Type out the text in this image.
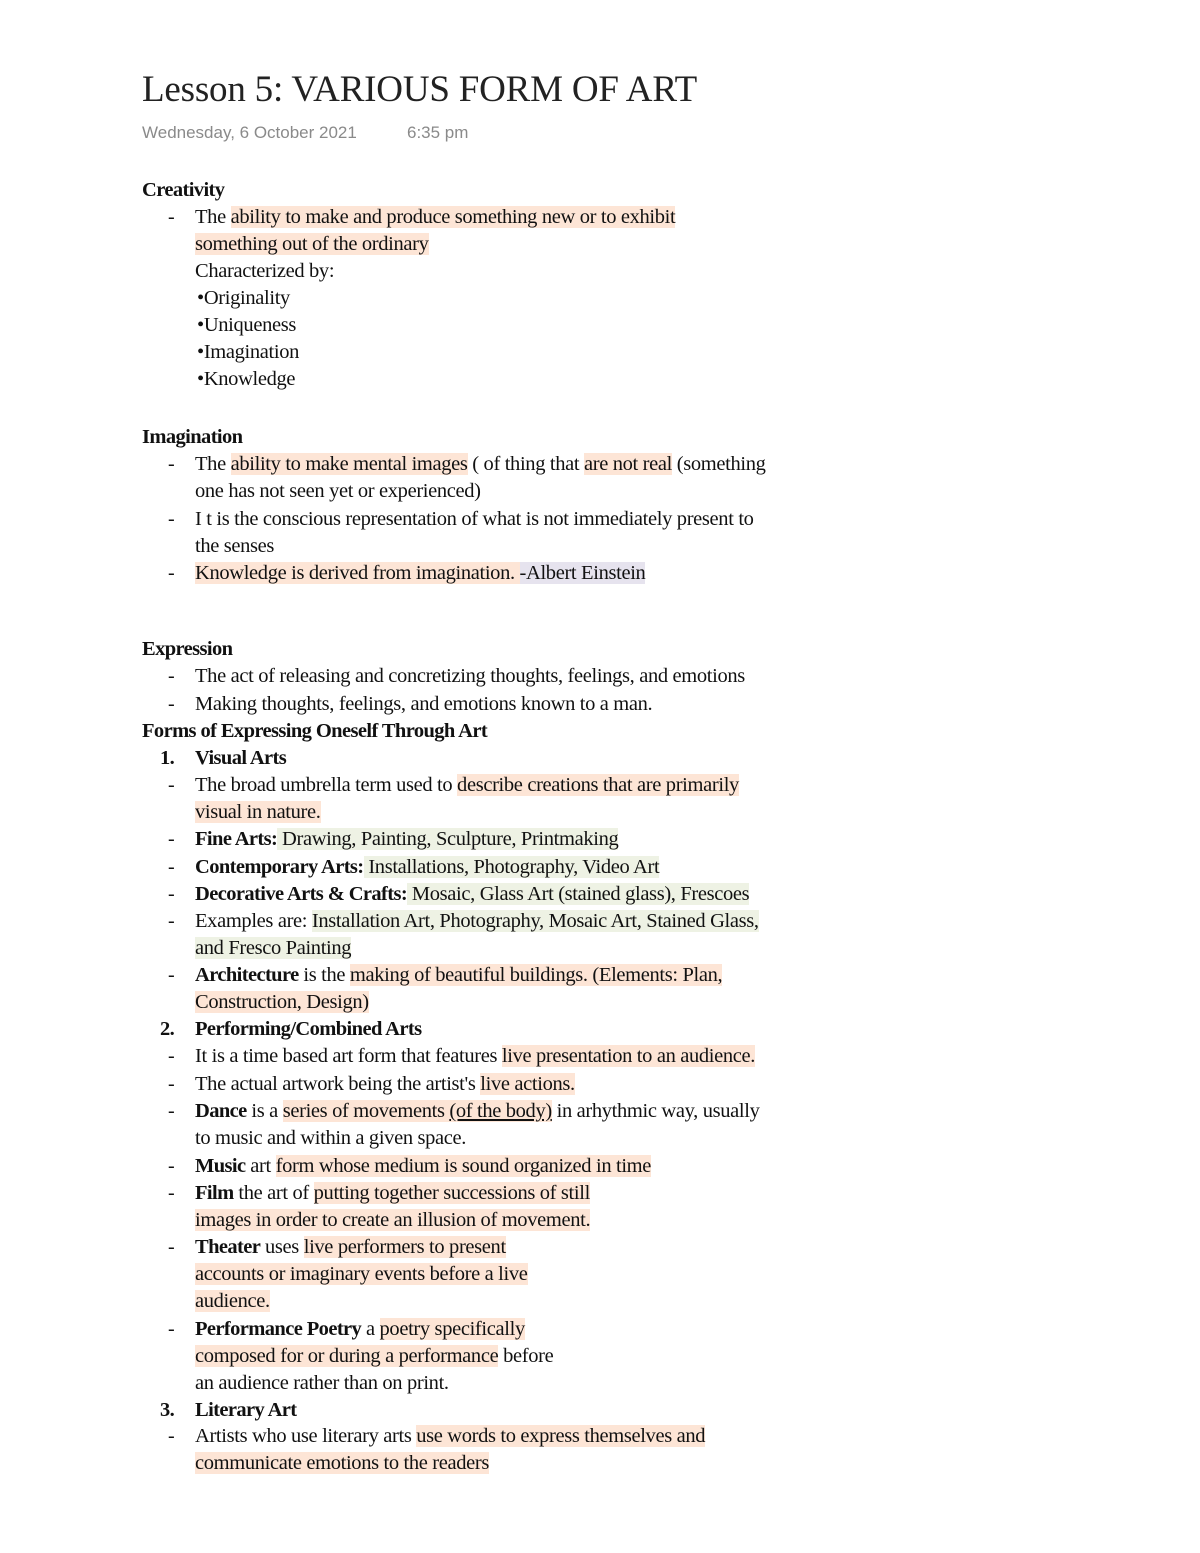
Lesson 5: VARIOUS FORM OF ART
Wednesday, 6 October 2021	6:35 pm
Creativity
- The ability to make and produce something new or to exhibit
something out of the ordinary
Characterized by:
•Originality
•Uniqueness
•Imagination
•Knowledge
Imagination
- The ability to make mental images ( of thing that are not real (something
one has not seen yet or experienced)
- I t is the conscious representation of what is not immediately present to
the senses
- Knowledge is derived from imagination. -Albert Einstein
Expression
- The act of releasing and concretizing thoughts, feelings, and emotions
- Making thoughts, feelings, and emotions known to a man.
Forms of Expressing Oneself Through Art
1. Visual Arts
- The broad umbrella term used to describe creations that are primarily
visual in nature.
- Fine Arts: Drawing, Painting, Sculpture, Printmaking
- Contemporary Arts: Installations, Photography, Video Art
- Decorative Arts & Crafts: Mosaic, Glass Art (stained glass), Frescoes
- Examples are: Installation Art, Photography, Mosaic Art, Stained Glass,
and Fresco Painting
- Architecture is the making of beautiful buildings. (Elements: Plan,
Construction, Design)
2. Performing/Combined Arts
- It is a time based art form that features live presentation to an audience.
- The actual artwork being the artist's live actions.
- Dance is a series of movements (of the body) in arhythmic way, usually
to music and within a given space.
- Music art form whose medium is sound organized in time
- Film the art of putting together successions of still
images in order to create an illusion of movement.
- Theater uses live performers to present
accounts or imaginary events before a live
audience.
- Performance Poetry a poetry specifically
composed for or during a performance before
an audience rather than on print.
3. Literary Art
- Artists who use literary arts use words to express themselves and
communicate emotions to the readers
